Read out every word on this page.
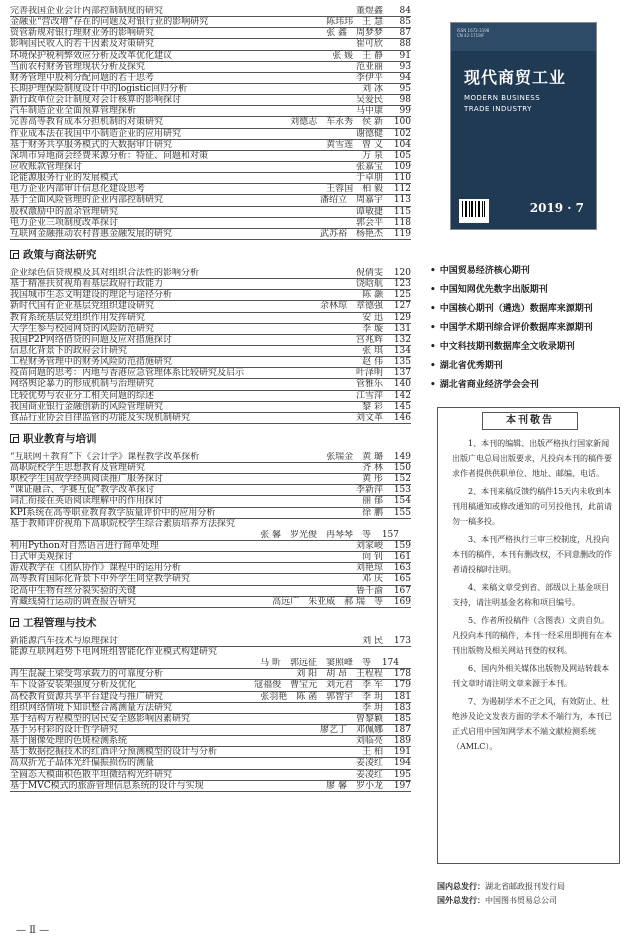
完善我国企业会计内部控制制度的研究	董煜鑫	84
金融业“营改增”存在的问题及对银行业的影响研究	陈玮玮　王 慧	85
资管新规对银行理财业务的影响研究	张 鑫　周梦梦	87
影响国民收入的若干因素及对策研究	崔可欣	88
环境保护税利弊效应分析及改革优化建议	张 媛　王 静	91
当前农村财务管理现状分析及探究	范亚丽	93
财务管理中股利分配问题的若干思考	李伊平	94
长期护理保险制度设计中的logistic回归分析	刘 冰	95
新行政单位会计制度对会计核算的影响探讨	吴爱民	98
汽车制造企业全面预算管理探析	马中康	99
完善高等教育成本分担机制的对策研究	刘德志　车永秀　侯 新	100
作业成本法在我国中小制造企业的应用研究	谢德健	102
基于财务共享服务模式的大数据审计研究	黄雪莲　曾 义	104
深圳市异地商会经费来源分析：特征、问题和对策	万 泉	105
应收账款管理探讨	张嘉宝	109
论能源服务行业的发展模式	于卓朋	110
电力企业内部审计信息化建设思考	王蓉国　柏 毅	112
基于全面风险管理的企业内部控制研究	潘绍立　周嘉宇	113
股权激励中的盈余管理研究	谭敏捷	115
电力企业三项制度改革探讨	郭会平	118
互联网金融推动农村普惠金融发展的研究	武苏裕　杨艳杰	119
政策与商法研究
企业绿色信贷规模及其对组织合法性的影响分析	倪倩雯	120
基于精准扶贫视角看基层政府行政能力	饶晗航	123
我国城市生态文明建设的理论与途径分析	陈 灏	125
新时代国有企业基层党组织建设研究	余林琼　章德强	127
教育系统基层党组织作用发挥研究	安 迅	129
大学生参与校园网贷的风险防范研究	李 璇	131
我国P2P网络借贷的问题及应对措施探讨	宫兆辉	132
信息化背景下的政府会计研究	张 琪	134
工程财务管理中的财务风险防范措施研究	赵 伟	135
疫苗问题的思考：内地与香港应急管理体系比较研究及启示	叶泽明	137
网络舆论暴力的形成机制与治理研究	管雅乐	140
比较优势与农业分工相关问题的综述	江雪萍	142
我国商业银行金融创新的风险管理研究	黎 彩	145
食品行业协会自律监管的功能及实现机制研究	刘文革	146
职业教育与培训
“互联网＋教育”下《会计学》课程教学改革探析	张瑞金　黄 璐	149
高职院校学生思想教育及管理研究	齐 林	150
职校学生国故学经典阅读推广服务探讨	黄 彤	152
“课证融合、学赛互促”教学改革探讨	李新萍	153
词汇衔接在英语阅读理解中的作用探讨	丽 郁	154
KPI系统在高等职业教育教学质量评价中的应用分析	徐 鹏	155
基于教师评价视角下高职院校学生综合素质培养方法探究
张 馨　罗光俊　冉琴琴　等	157
利用Python对自然语言进行简单处理	刘家峻	159
日式审美观探讨	向 钊	161
游戏教学在《团队协作》课程中的运用分析	刘艳琼	163
高等教育国际化背景下中外学生同堂教学研究	邓 庆	165
论高中生物有丝分裂实验的关键	鲁千渝	167
青藏线骑行运动的调查报告研究	高远广　朱亚威　郝 瑞　等	169
工程管理与技术
新能源汽车技术与原理探讨	刘 民	173
能源互联网趋势下电网班组智能化作业模式构建研究
马 昕　郭远征　窦照峰　等	174
再生混凝土梁受弯承载力的可靠度分析	刘 阳　胡 昂　王程程	178
车下设备安装架强度分析及优化	寇福俊　曹宝元　刘元君　李 军	179
高校教育资源共享平台建设与推广研究	张羽艳　陈 菡　郭智宇　李 玥	181
组织网络情境下知识整合离测量方法研究	李 玥	183
基于结构方程模型的居民安全感影响因素研究	曾黎颖	185
基于另村彩的设计哲学研究	廖艺丁　邓佩娜	187
基于图像处理的色斑检测系统	刘临亮	189
基于数据挖掘技术的红酒评分预测模型的设计与分析	王 柏	191
高双折光子晶体光纤偏振损伤的测量	姜凌红	194
全圆态大模曲积色散平坦微结构光纤研究	姜凌红	195
基于MVC模式的旅游管理信息系统的设计与实现	廖 馨　罗小龙	197
ISSN 1672-3198
CN 42-1719/F
现代商贸工业
MODERN BUSINESS
TRADE INDUSTRY
2019 · 7
• 中国贸易经济核心期刊
• 中国知网优先数字出版期刊
• 中国核心期刊（遴选）数据库来源期刊
• 中国学术期刊综合评价数据库来源期刊
• 中文科技期刊数据库全文收录期刊
• 湖北省优秀期刊
• 湖北省商业经济学会会刊
本刊敬告

1、本刊的编辑、出版严格执行国家新闻出版广电总局出版要求，凡投向本刊的稿件要求作者提供供职单位、地址、邮编、电话。

2、本刊来稿反馈约稿件15天内未收到本刊用稿通知或修改通知的可另投他刊，此前请勿一稿多投。

3、本刊严格执行三审三校制度，凡投向本刊的稿件，本刊有删改权，不同意删改的作者请投稿时注明。

4、来稿文章受到省、部级以上基金项目支持，请注明基金名称和项目编号。

5、作者所投稿件（含图表）文责自负。凡投向本刊的稿件，本刊一经采用即拥有在本刊出版物及相关网站刊登的权利。

6、国内外相关媒体出版物及网站转载本刊文章时请注明文章来源于本刊。

7、为遏制学术不正之风，有效防止、杜绝涉及论文发表方面的学术不端行为，本刊已正式启用中国知网学术不端文献检测系统（AMLC）。

国内总发行：湖北省邮政报刊发行局
国外总发行：中国图书贸易总公司
— Ⅱ —
